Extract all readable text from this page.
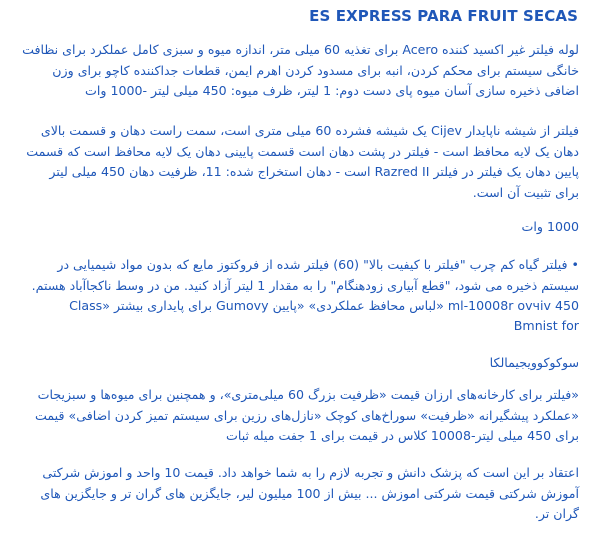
ES EXPRESS PARA FRUIT SECAS

لوله فیلتر غیر اکسید کننده Acero برای تغذیه 60 میلی متر، اندازه میوه و سبزی کامل عملکرد برای نظافت خانگی سیستم برای محکم کردن، انبه برای مسدود کردن اهرم ایمن، قطعات جداکننده کاچو برای وزن اضافی ذخیره سازی آسان میوه پای دست دوم: 1 لیتر، ظرف میوه: 450 میلی لیتر -1000 وات

فیلتر از شیشه ناپایدار Cijev یک شیشه فشرده 60 میلی متری است، سمت راست دهان و قسمت بالای دهان یک لایه محافظ است - فیلتر در پشت دهان است قسمت پایینی دهان یک لایه محافظ است که قسمت پایین دهان یک فیلتر در فیلتر Razred II است - دهان استخراج شده: 11، ظرفیت دهان 450 میلی لیتر برای تثبیت آن است.

1000 وات

• فیلتر گیاه کم چرب "فیلتر با کیفیت بالا" (60) فیلتر شده از فروکتوز مایع که بدون مواد شیمیایی در سیستم ذخیره می شود، "قطع آبیاری زودهنگام" را به مقدار 1 لیتر آزاد کنید. من در وسط ناکجاآباد هستم. 450 ml-10008r ovчiv «لباس محافظ عملکردی» «پایین Gumovy برای پایداری بیشتر «Class

Bmnist for

سوکوکوویجیمالکا

«فیلتر برای کارخانه‌های ارزان قیمت «ظرفیت بزرگ 60 میلی‌متری»، و همچنین برای میوه‌ها و سبزیجات «عملکرد پیشگیرانه «ظرفیت» سوراخ‌های کوچک «نازل‌های رزین برای سیستم تمیز کردن اضافی» قیمت برای 450 میلی لیتر-10008 کلاس در قیمت برای 1 جفت میله ثبات

اعتقاد بر این است که پزشک دانش و تجربه لازم را به شما خواهد داد. قیمت 10 واحد و اموزش شرکتی آموزش شرکتی قیمت شرکتی اموزش ... بیش از 100 میلیون لیر، جایگزین های گران تر و جایگزین های گران تر.
